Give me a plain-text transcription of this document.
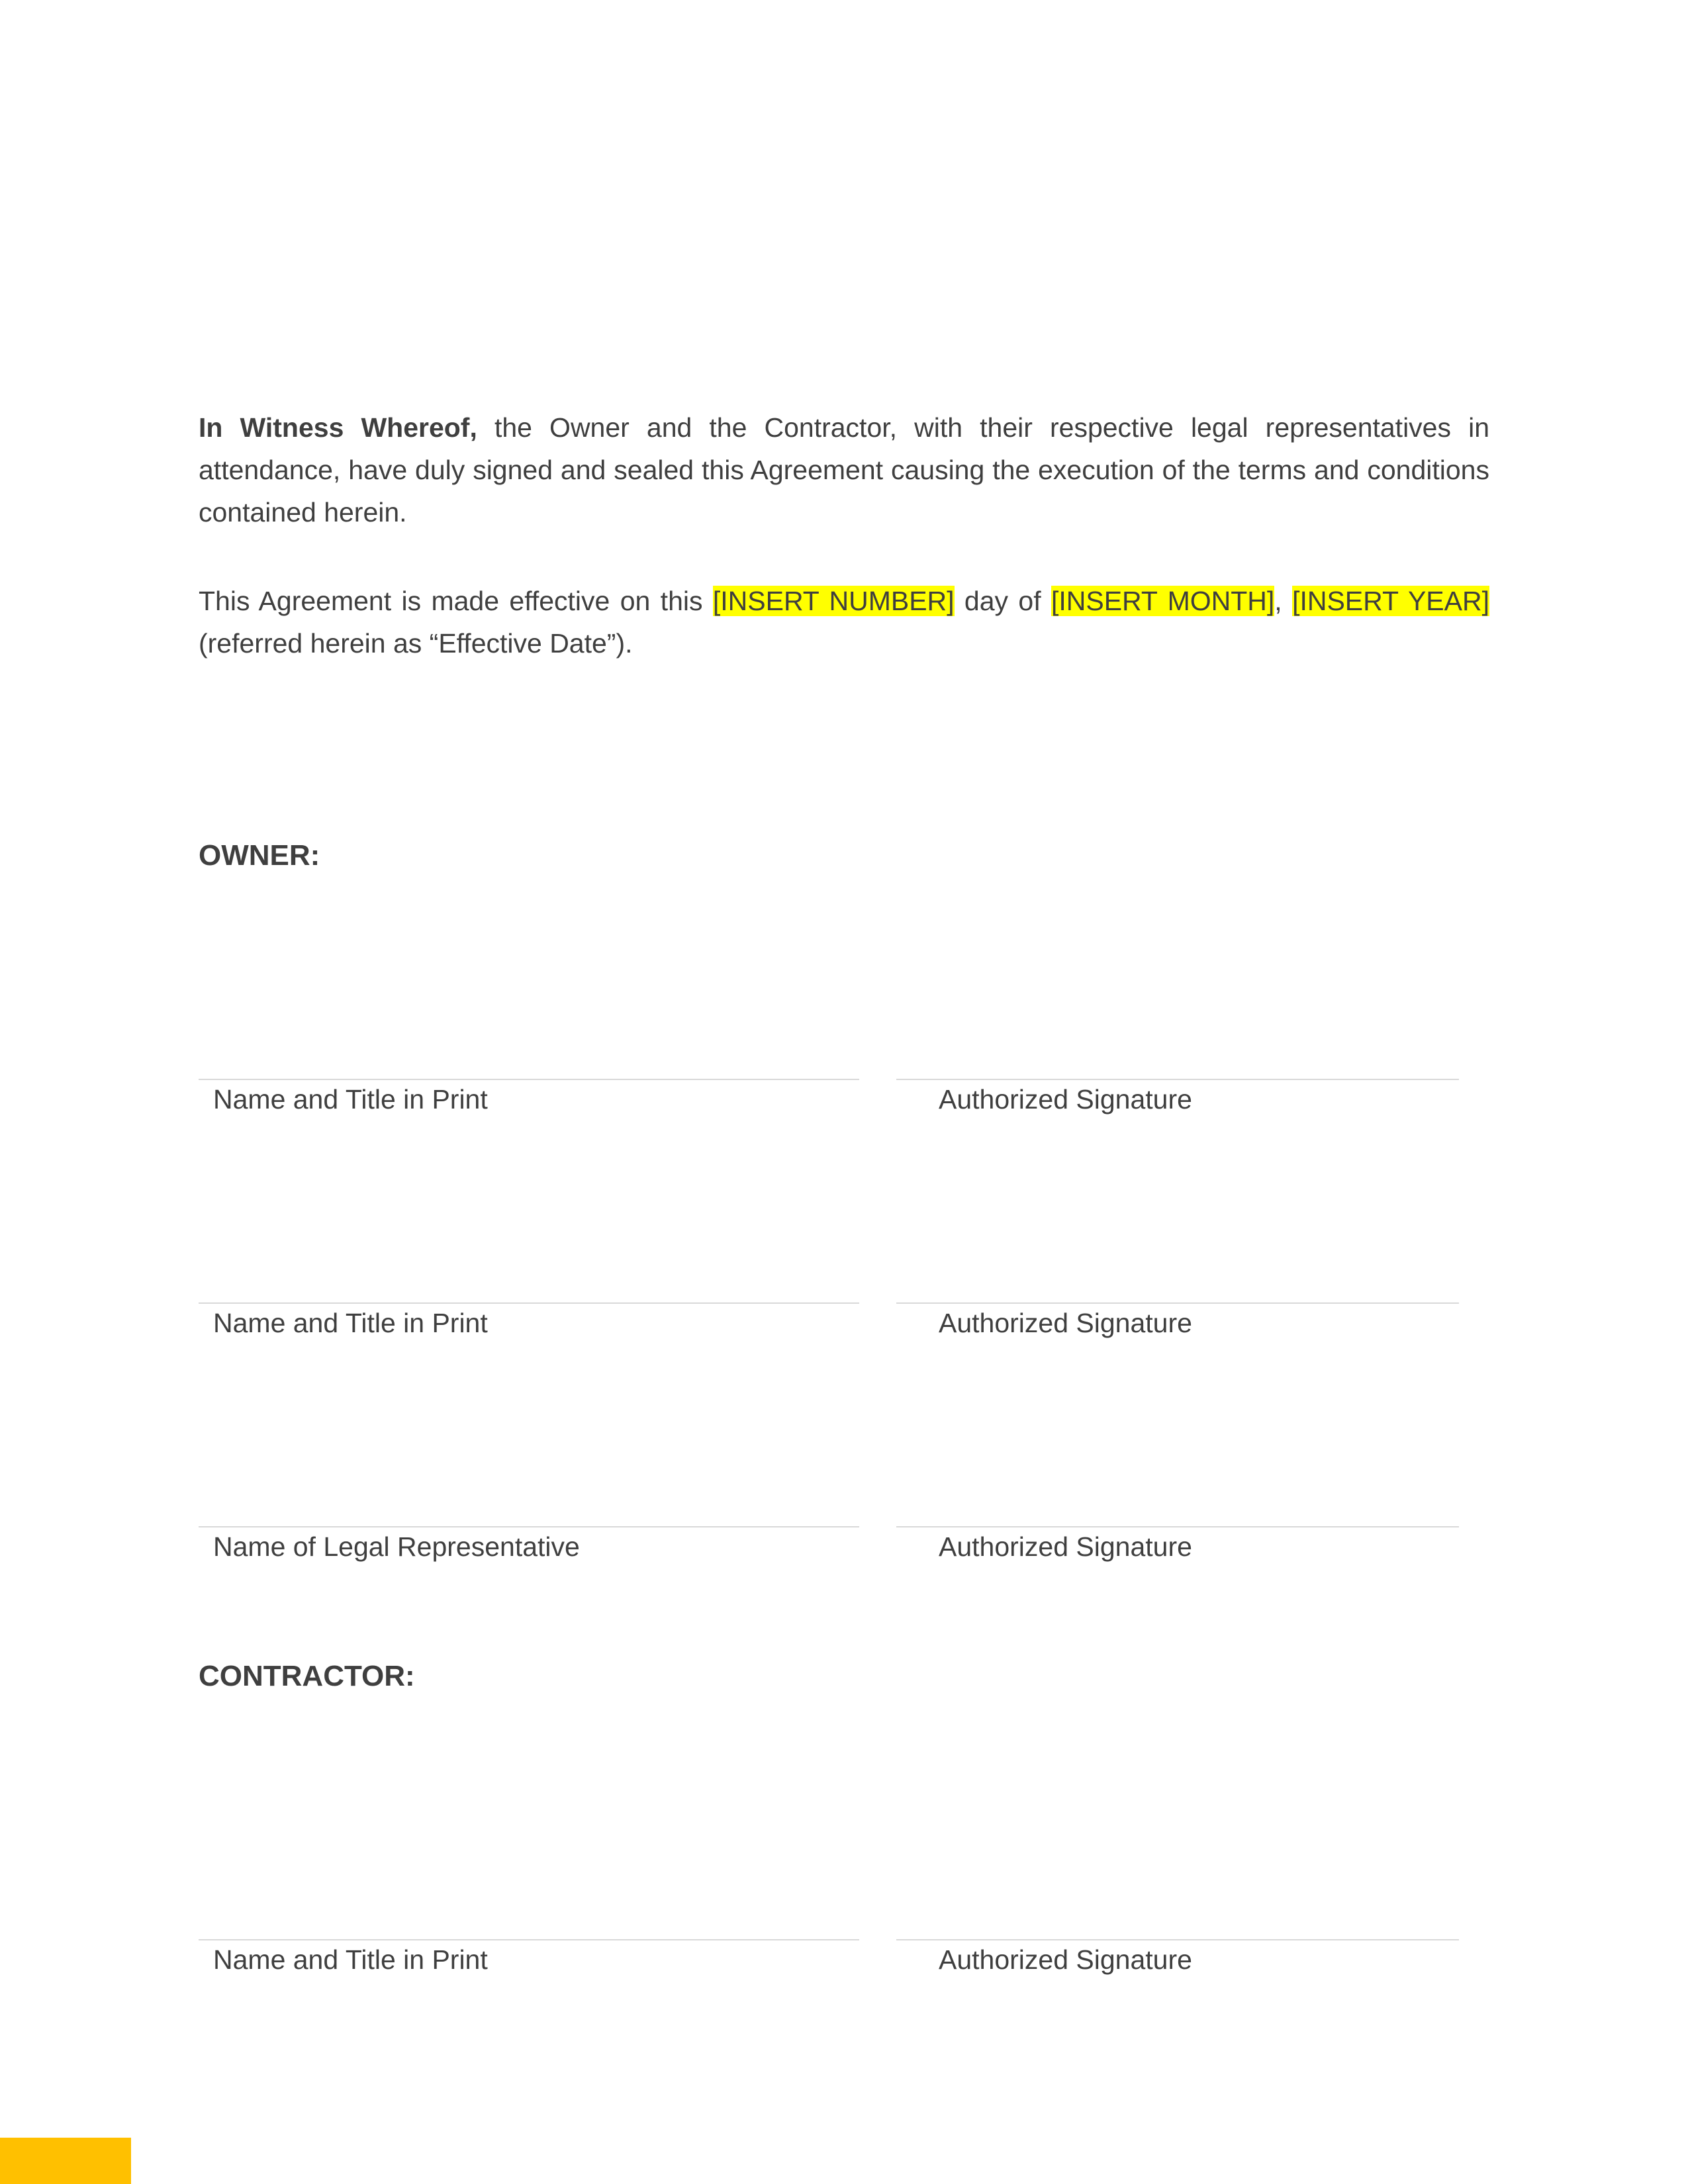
In Witness Whereof, the Owner and the Contractor, with their respective legal representatives in attendance, have duly signed and sealed this Agreement causing the execution of the terms and conditions contained herein.

This Agreement is made effective on this [INSERT NUMBER] day of [INSERT MONTH], [INSERT YEAR] (referred herein as “Effective Date”).

OWNER:

Name and Title in Print	Authorized Signature

Name and Title in Print	Authorized Signature

Name of Legal Representative	Authorized Signature

CONTRACTOR:

Name and Title in Print	Authorized Signature
